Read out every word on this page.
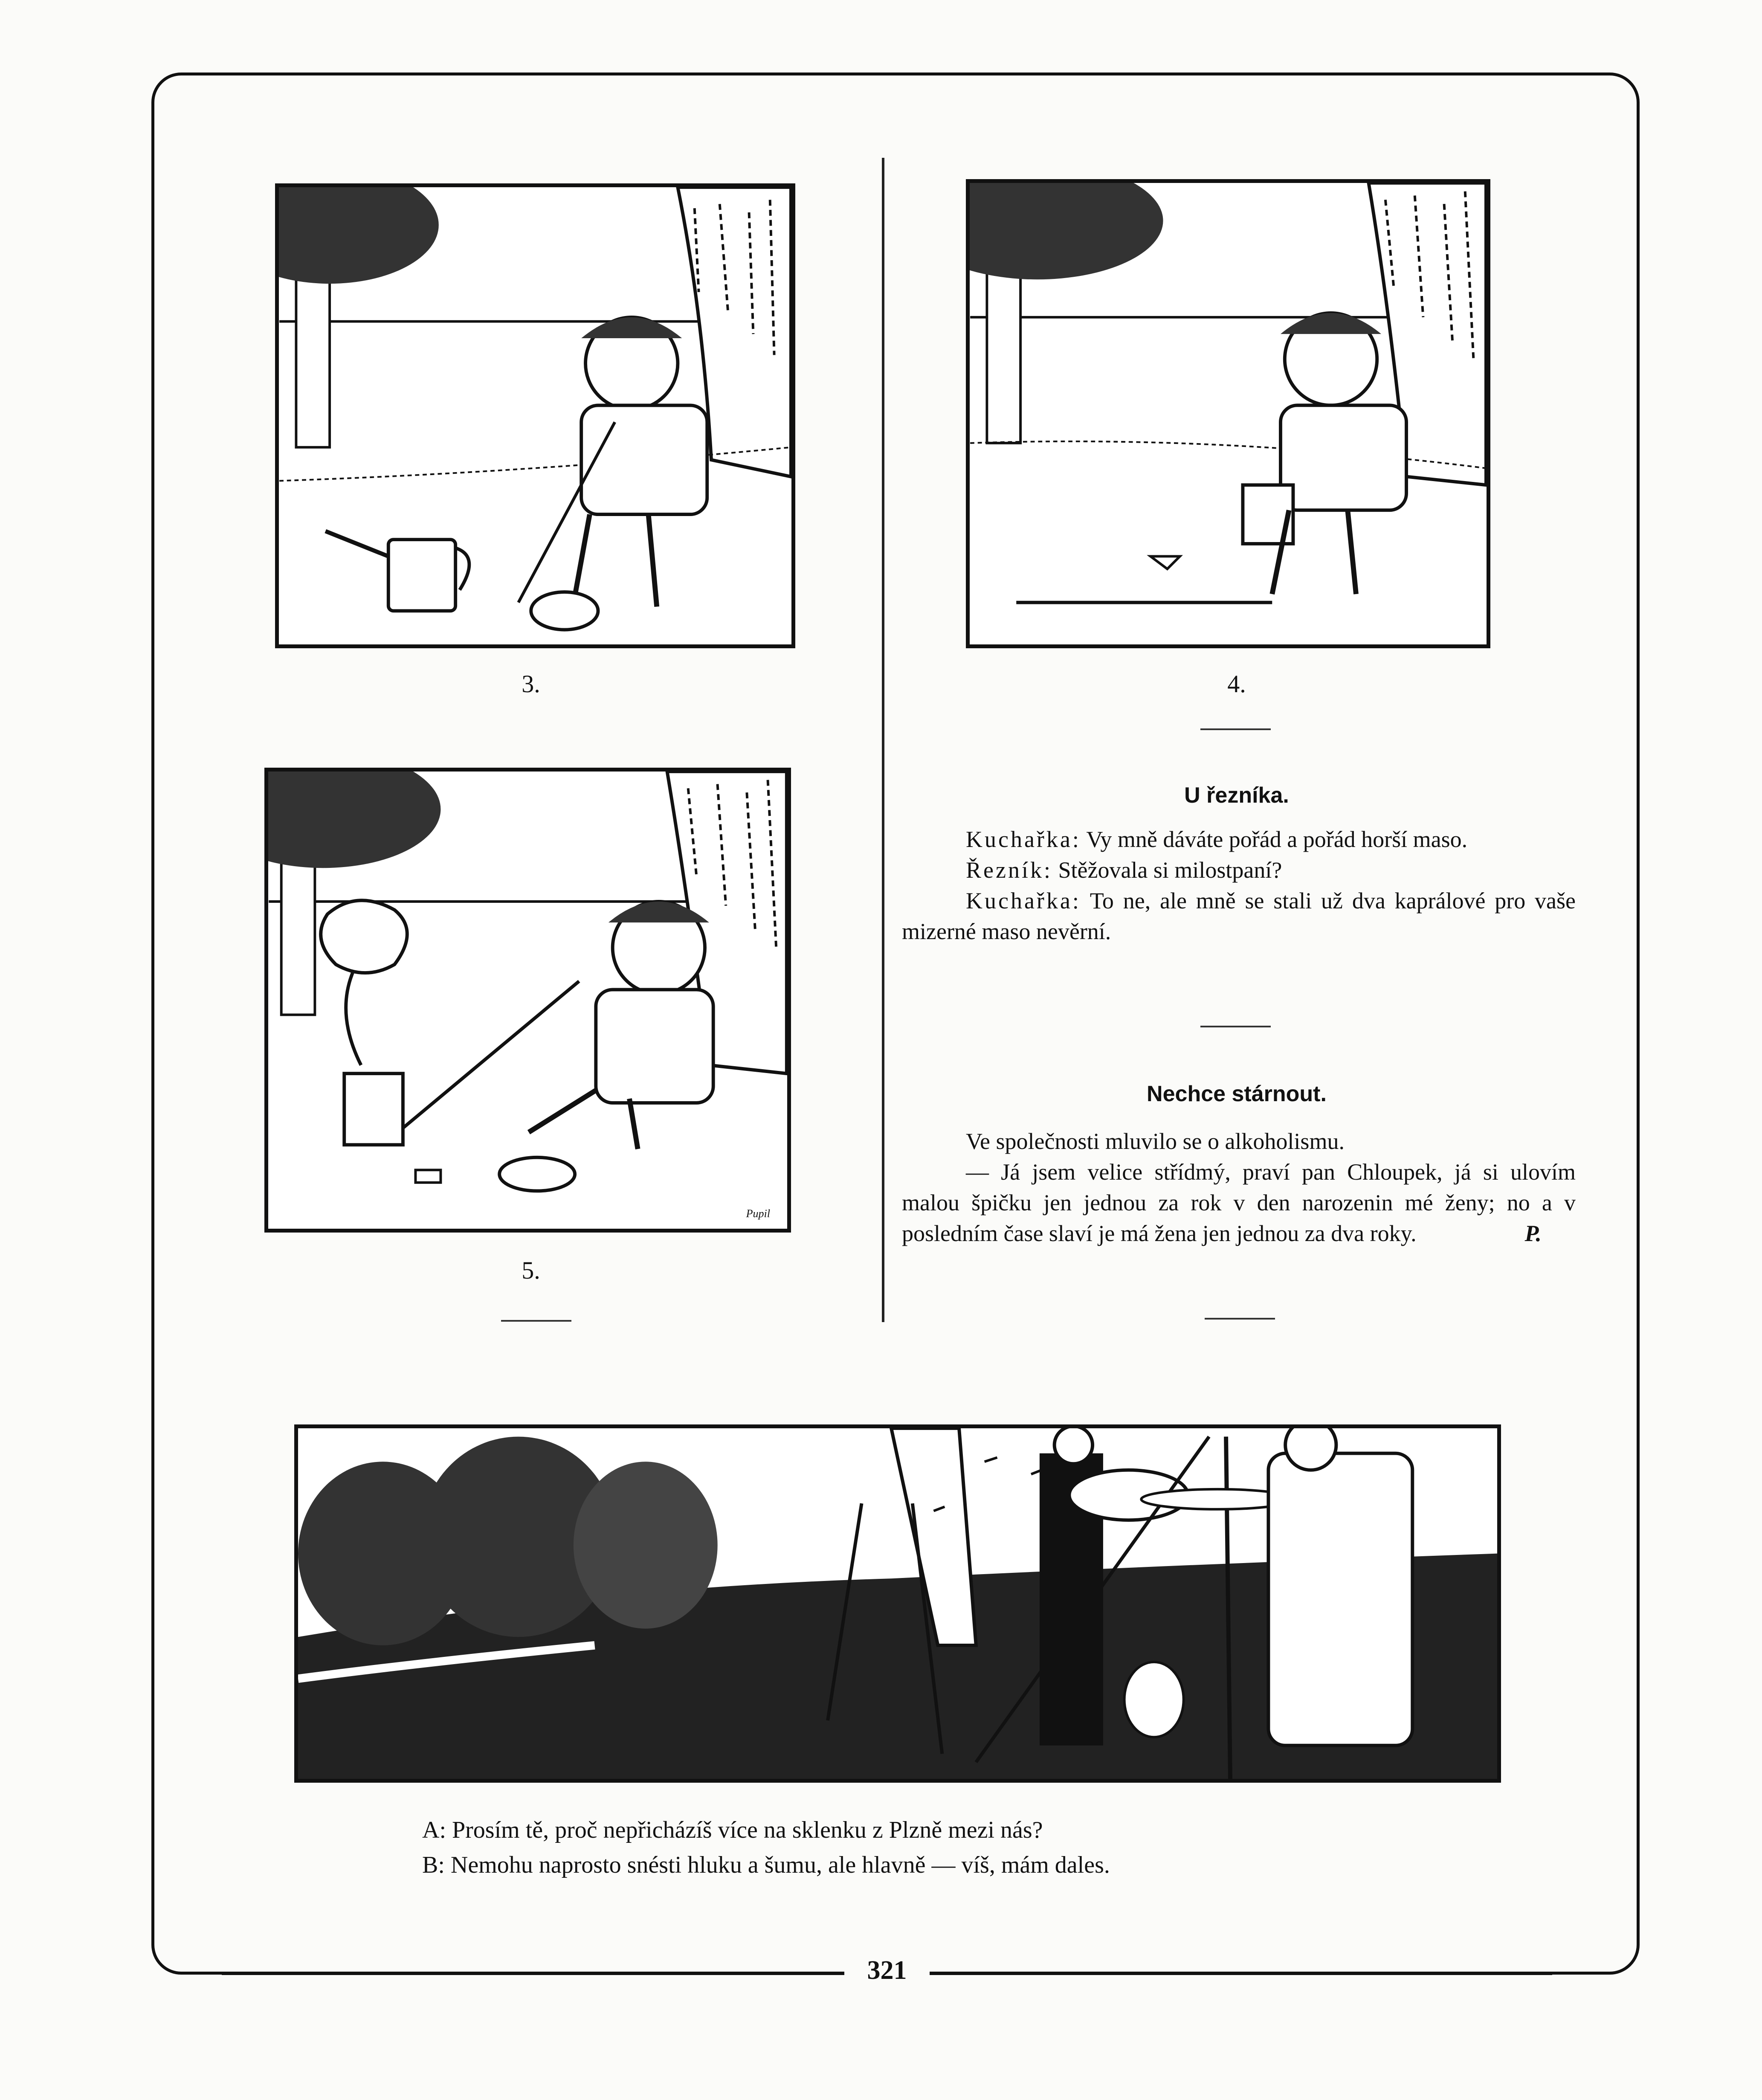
3.	4.
Pupil
5.
U řezníka.

Kuchařka: Vy mně dáváte pořád a pořád horší maso.

Řezník: Stěžovala si milostpaní?

Kuchařka: To ne, ale mně se stali už dva kaprálové pro vaše mizerné maso nevěrní.

Nechce stárnout.

Ve společnosti mluvilo se o alkoholismu.

— Já jsem velice střídmý, praví pan Chloupek, já si ulovím malou špičku jen jednou za rok v den narozenin mé ženy; no a v posledním čase slaví je má žena jen jednou za dva roky.	P.

A: Prosím tě, proč nepřicházíš více na sklenku z Plzně mezi nás?

B: Nemohu naprosto snésti hluku a šumu, ale hlavně — víš, mám dales.

321
